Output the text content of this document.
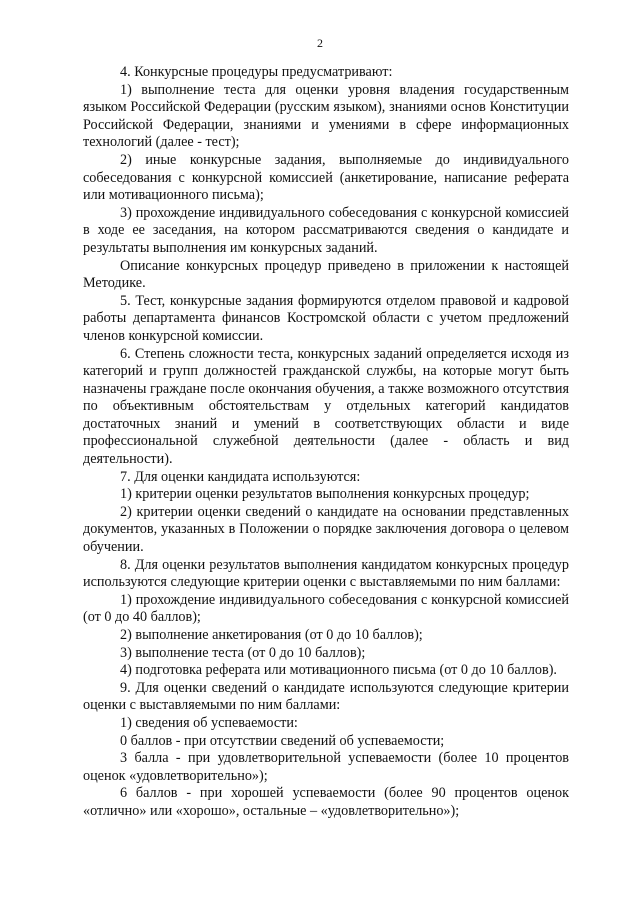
2

4. Конкурсные процедуры предусматривают:

1) выполнение теста для оценки уровня владения государственным языком Российской Федерации (русским языком), знаниями основ Конституции Российской Федерации, знаниями и умениями в сфере информационных технологий (далее - тест);

2) иные конкурсные задания, выполняемые до индивидуального собеседования с конкурсной комиссией (анкетирование, написание реферата или мотивационного письма);

3) прохождение индивидуального собеседования с конкурсной комиссией в ходе ее заседания, на котором рассматриваются сведения о кандидате и результаты выполнения им конкурсных заданий.

Описание конкурсных процедур приведено в приложении к настоящей Методике.

5. Тест, конкурсные задания формируются отделом правовой и кадровой работы департамента финансов Костромской области с учетом предложений членов конкурсной комиссии.

6. Степень сложности теста, конкурсных заданий определяется исходя из категорий и групп должностей гражданской службы, на которые могут быть назначены граждане после окончания обучения, а также возможного отсутствия по объективным обстоятельствам у отдельных категорий кандидатов достаточных знаний и умений в соответствующих области и виде профессиональной служебной деятельности (далее - область и вид деятельности).

7. Для оценки кандидата используются:

1) критерии оценки результатов выполнения конкурсных процедур;

2) критерии оценки сведений о кандидате на основании представленных документов, указанных в Положении о порядке заключения договора о целевом обучении.

8. Для оценки результатов выполнения кандидатом конкурсных процедур используются следующие критерии оценки с выставляемыми по ним баллами:

1) прохождение индивидуального собеседования с конкурсной комиссией (от 0 до 40 баллов);

2) выполнение анкетирования (от 0 до 10 баллов);

3) выполнение теста (от 0 до 10 баллов);

4) подготовка реферата или мотивационного письма (от 0 до 10 баллов).

9. Для оценки сведений о кандидате используются следующие критерии оценки с выставляемыми по ним баллами:

1) сведения об успеваемости:

0 баллов - при отсутствии сведений об успеваемости;

3 балла - при удовлетворительной успеваемости (более 10 процентов оценок «удовлетворительно»);

6 баллов - при хорошей успеваемости (более 90 процентов оценок «отлично» или «хорошо», остальные – «удовлетворительно»);
